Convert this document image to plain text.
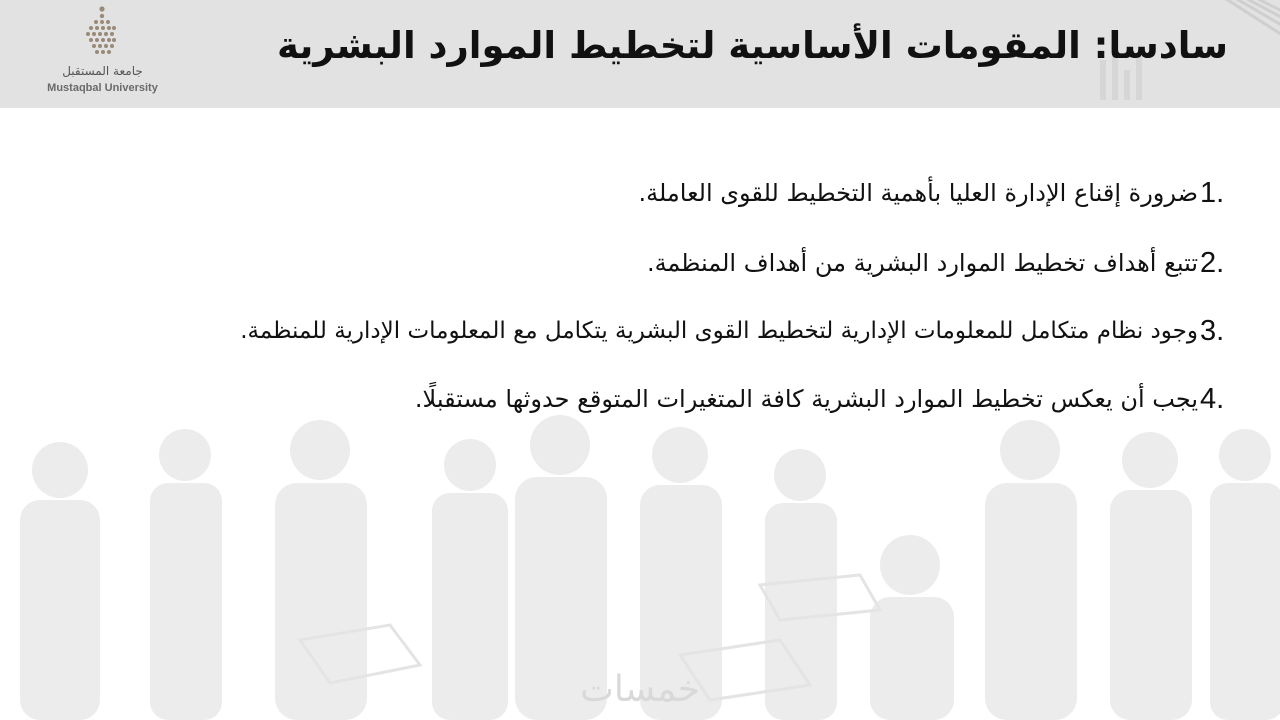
جامعة المستقبل
Mustaqbal University
سادسا: المقومات الأساسية لتخطيط الموارد البشرية
1.
ضرورة إقناع الإدارة العليا بأهمية التخطيط للقوى العاملة.
2.
تتبع أهداف تخطيط الموارد البشرية من أهداف المنظمة.
3.
وجود نظام متكامل للمعلومات الإدارية لتخطيط القوى البشرية يتكامل مع المعلومات الإدارية للمنظمة.
4.
يجب أن يعكس تخطيط الموارد البشرية كافة المتغيرات المتوقع حدوثها مستقبلًا.
خمسات
